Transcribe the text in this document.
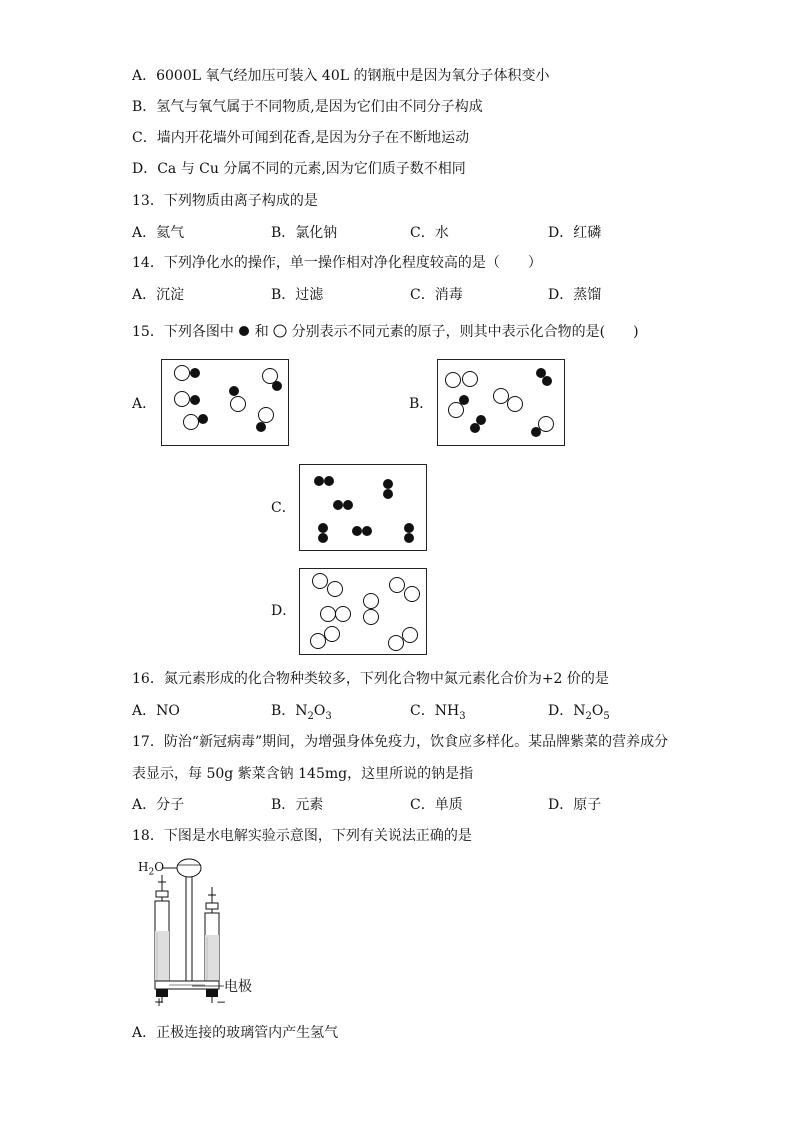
A．6000L 氧气经加压可装入 40L 的钢瓶中是因为氧分子体积变小
B．氢气与氧气属于不同物质,是因为它们由不同分子构成
C．墙内开花墙外可闻到花香,是因为分子在不断地运动
D．Ca 与 Cu 分属不同的元素,因为它们质子数不相同
13．下列物质由离子构成的是
A．氦气	B．氯化钠	C．水	D．红磷
14．下列净化水的操作，单一操作相对净化程度较高的是（　　）
A．沉淀	B．过滤	C．消毒	D．蒸馏
15．下列各图中 和 分别表示不同元素的原子，则其中表示化合物的是(　　)
A．	B．
C．
D．
16．氮元素形成的化合物种类较多，下列化合物中氮元素化合价为+2 价的是
A．NO	B．$N_2O_3$	C．$NH_3$	D．$N_2O_5$
17．防治“新冠病毒”期间，为增强身体免疫力，饮食应多样化。某品牌紫菜的营养成分
表显示，每 50g 紫菜含钠 145mg，这里所说的钠是指
A．分子	B．元素	C．单质	D．原子
18．下图是水电解实验示意图，下列有关说法正确的是
$H_2O$
电极
+	−
A．正极连接的玻璃管内产生氢气
